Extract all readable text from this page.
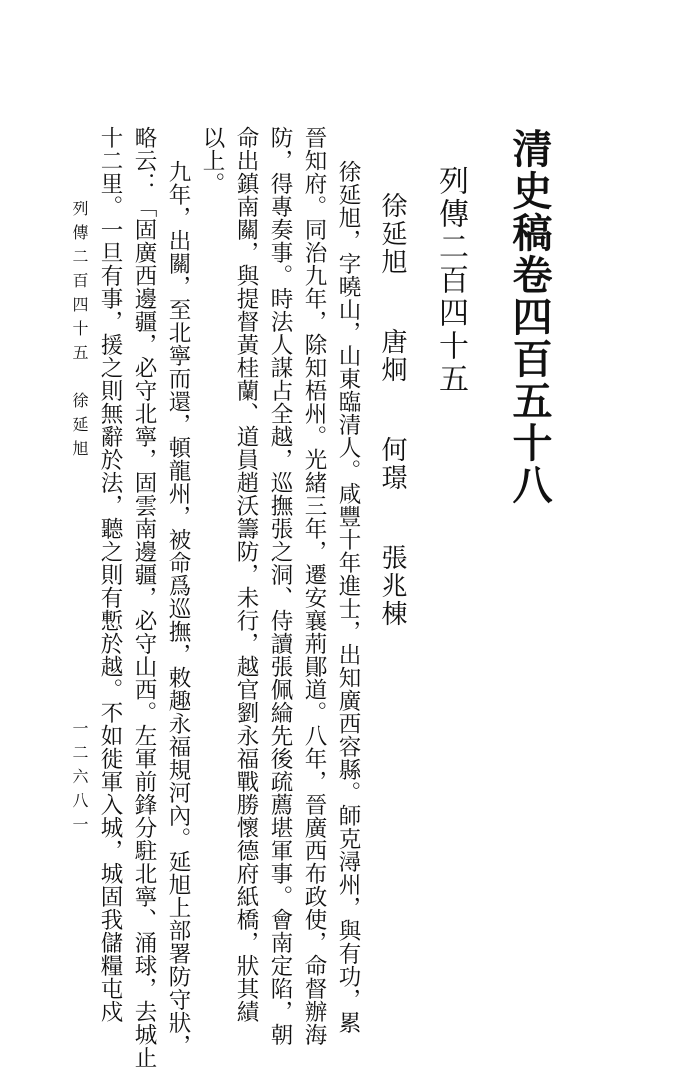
清史稿卷四百五十八
列傳二百四十五
徐延旭 唐炯 何璟 張兆棟
徐延旭，字曉山，山東臨清人。咸豐十年進士，出知廣西容縣。師克潯州，與有功，累
晉知府。同治九年，除知梧州。光緒三年，遷安襄荊鄖道。八年，晉廣西布政使，命督辦海
防，得專奏事。時法人謀占全越，巡撫張之洞、侍讀張佩綸先後疏薦堪軍事。會南定陷，朝
命出鎮南關，與提督黃桂蘭、道員趙沃籌防，未行，越官劉永福戰勝懷德府紙橋，狀其績
以上。
九年，出關，至北寧而還，頓龍州，被命爲巡撫，敕趣永福規河內。延旭上部署防守狀，
略云：「固廣西邊疆，必守北寧，固雲南邊疆，必守山西。左軍前鋒分駐北寧、涌球，去城止
十二里。一旦有事，援之則無辭於法，聽之則有慙於越。不如徙軍入城，城固我儲糧屯戍
列傳二百四十五　徐延旭
一二六八一
